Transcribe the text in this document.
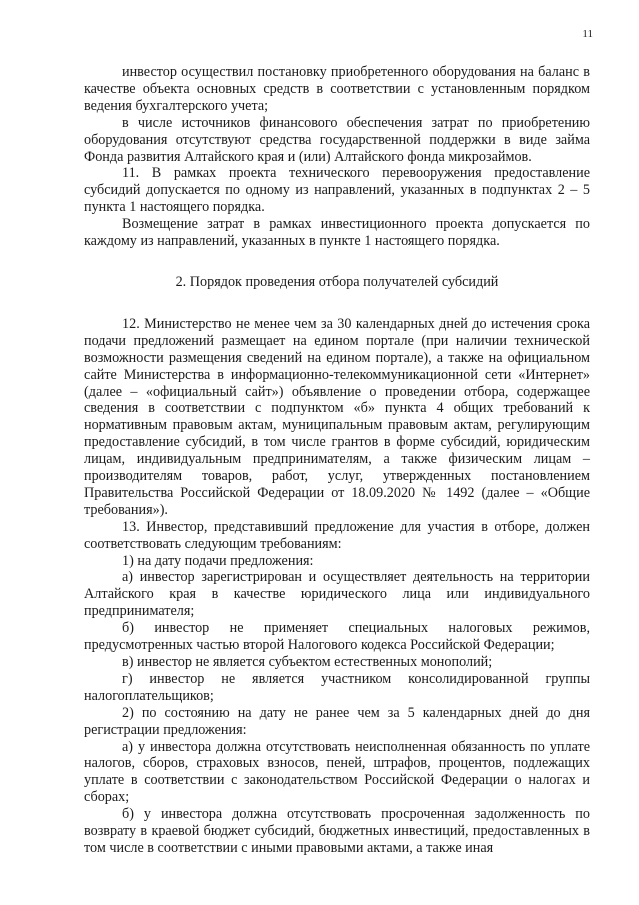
11

инвестор осуществил постановку приобретенного оборудования на баланс в качестве объекта основных средств в соответствии с установленным порядком ведения бухгалтерского учета;

в числе источников финансового обеспечения затрат по приобретению оборудования отсутствуют средства государственной поддержки в виде займа Фонда развития Алтайского края и (или) Алтайского фонда микрозаймов.

11. В рамках проекта технического перевооружения предоставление субсидий допускается по одному из направлений, указанных в подпунктах 2 – 5 пункта 1 настоящего порядка.

Возмещение затрат в рамках инвестиционного проекта допускается по каждому из направлений, указанных в пункте 1 настоящего порядка.

2. Порядок проведения отбора получателей субсидий

12. Министерство не менее чем за 30 календарных дней до истечения срока подачи предложений размещает на едином портале (при наличии технической возможности размещения сведений на едином портале), а также на официальном сайте Министерства в информационно-телекоммуникационной сети «Интернет» (далее – «официальный сайт») объявление о проведении отбора, содержащее сведения в соответствии с подпунктом «б» пункта 4 общих требований к нормативным правовым актам, муниципальным правовым актам, регулирующим предоставление субсидий, в том числе грантов в форме субсидий, юридическим лицам, индивидуальным предпринимателям, а также физическим лицам – производителям товаров, работ, услуг, утвержденных постановлением Правительства Российской Федерации от 18.09.2020 № 1492 (далее – «Общие требования»).

13. Инвестор, представивший предложение для участия в отборе, должен соответствовать следующим требованиям:

1) на дату подачи предложения:

а) инвестор зарегистрирован и осуществляет деятельность на территории Алтайского края в качестве юридического лица или индивидуального предпринимателя;

б) инвестор не применяет специальных налоговых режимов, предусмотренных частью второй Налогового кодекса Российской Федерации;

в) инвестор не является субъектом естественных монополий;

г) инвестор не является участником консолидированной группы налогоплательщиков;

2) по состоянию на дату не ранее чем за 5 календарных дней до дня регистрации предложения:

а) у инвестора должна отсутствовать неисполненная обязанность по уплате налогов, сборов, страховых взносов, пеней, штрафов, процентов, подлежащих уплате в соответствии с законодательством Российской Федерации о налогах и сборах;

б) у инвестора должна отсутствовать просроченная задолженность по возврату в краевой бюджет субсидий, бюджетных инвестиций, предоставленных в том числе в соответствии с иными правовыми актами, а также иная
